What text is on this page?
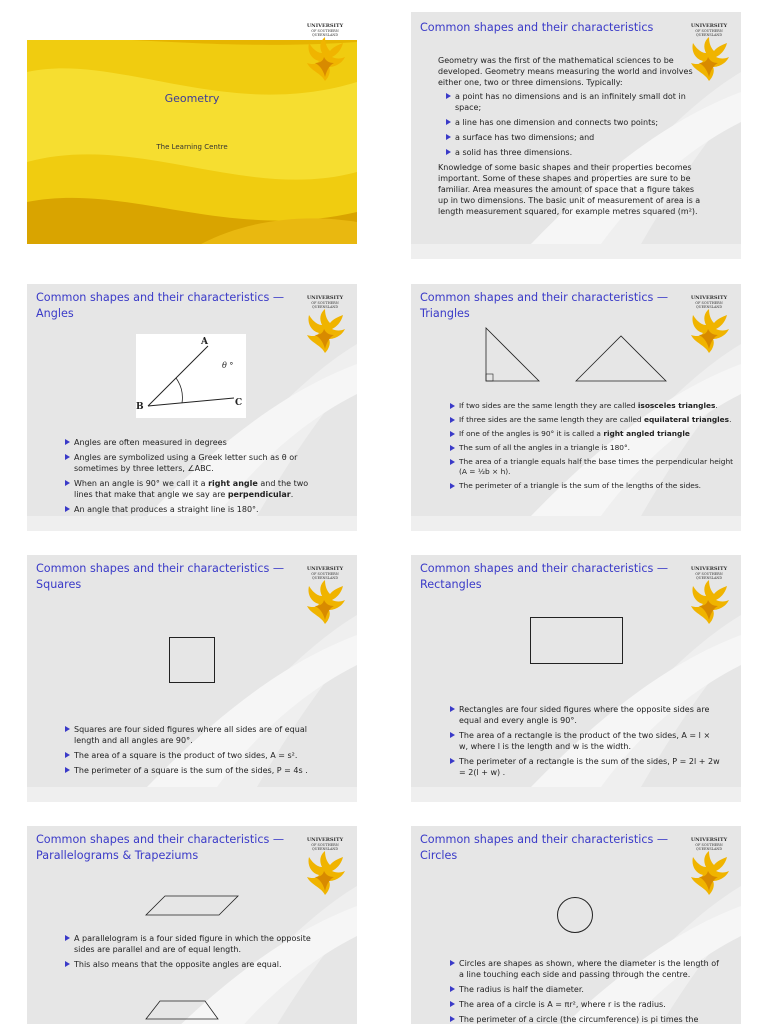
Geometry
The Learning Centre
UNIVERSITY
OF SOUTHERN
QUEENSLAND
Common shapes and their characteristics

Geometry was the first of the mathematical sciences to be developed. Geometry means measuring the world and involves either one, two or three dimensions. Typically:

a point has no dimensions and is an infinitely small dot in space;
a line has one dimension and connects two points;
a surface has two dimensions; and
a solid has three dimensions.

Knowledge of some basic shapes and their properties becomes important. Some of these shapes and properties are sure to be familiar. Area measures the amount of space that a figure takes up in two dimensions. The basic unit of measurement of area is a length measurement squared, for example metres squared (m²).

UNIVERSITY
OF SOUTHERN
QUEENSLAND
Common shapes and their characteristics — Angles
A
B	C
θ °
Angles are often measured in degrees
Angles are symbolized using a Greek letter such as θ or sometimes by three letters, ∠ABC.
When an angle is 90° we call it a right angle and the two lines that make that angle we say are perpendicular.
An angle that produces a straight line is 180°.
UNIVERSITY
OF SOUTHERN
QUEENSLAND
Common shapes and their characteristics — Triangles
If two sides are the same length they are called isosceles triangles.
If three sides are the same length they are called equilateral triangles.
If one of the angles is 90° it is called a right angled triangle
The sum of all the angles in a triangle is 180°.
The area of a triangle equals half the base times the perpendicular height (A = ½b × h).
The perimeter of a triangle is the sum of the lengths of the sides.
UNIVERSITY
OF SOUTHERN
QUEENSLAND
Common shapes and their characteristics — Squares
Squares are four sided figures where all sides are of equal length and all angles are 90°.
The area of a square is the product of two sides, A = s².
The perimeter of a square is the sum of the sides, P = 4s .
UNIVERSITY
OF SOUTHERN
QUEENSLAND
Common shapes and their characteristics — Rectangles
Rectangles are four sided figures where the opposite sides are equal and every angle is 90°.
The area of a rectangle is the product of the two sides, A = l × w, where l is the length and w is the width.
The perimeter of a rectangle is the sum of the sides, P = 2l + 2w = 2(l + w) .
UNIVERSITY
OF SOUTHERN
QUEENSLAND
Common shapes and their characteristics — Parallelograms & Trapeziums
A parallelogram is a four sided figure in which the opposite sides are parallel and are of equal length.
This also means that the opposite angles are equal.
UNIVERSITY
OF SOUTHERN
QUEENSLAND
Common shapes and their characteristics — Circles
Circles are shapes as shown, where the diameter is the length of a line touching each side and passing through the centre.
The radius is half the diameter.
The area of a circle is A = πr², where r is the radius.
The perimeter of a circle (the circumference) is pi times the
UNIVERSITY
OF SOUTHERN
QUEENSLAND
